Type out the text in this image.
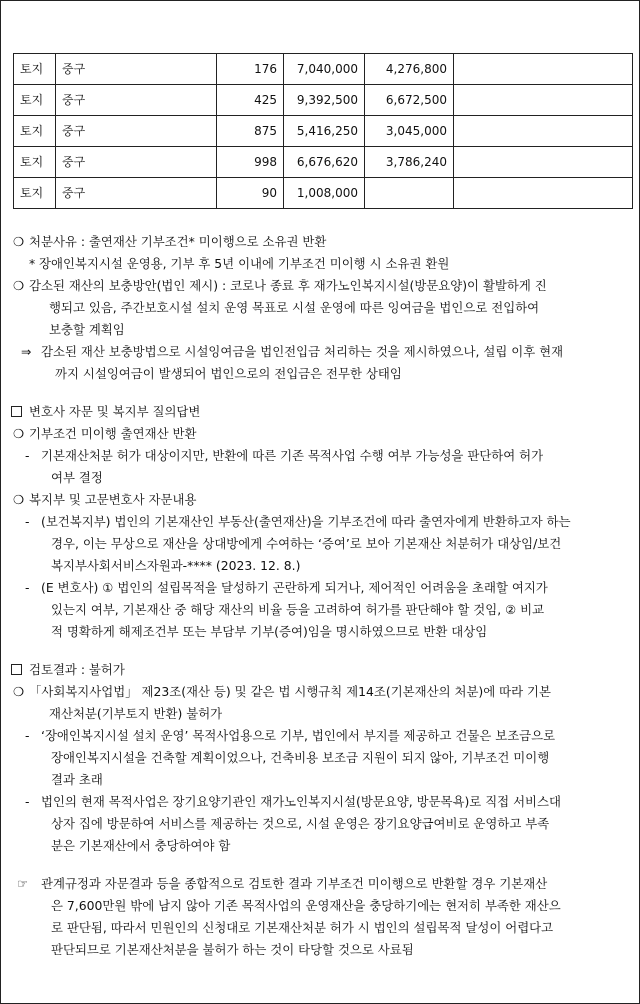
토지	중구	176	7,040,000	4,276,800	
토지	중구	425	9,392,500	6,672,500	
토지	중구	875	5,416,250	3,045,000	
토지	중구	998	6,676,620	3,786,240	
토지	중구	90	1,008,000		
❍ 처분사유 : 출연재산 기부조건* 미이행으로 소유권 반환
* 장애인복지시설 운영용, 기부 후 5년 이내에 기부조건 미이행 시 소유권 환원
❍ 감소된 재산의 보충방안(법인 제시) : 코로나 종료 후 재가노인복지시설(방문요양)이 활발하게 진
행되고 있음, 주간보호시설 설치 운영 목표로 시설 운영에 따른 잉여금을 법인으로 전입하여
보충할 계획임
⇒ 감소된 재산 보충방법으로 시설잉여금을 법인전입금 처리하는 것을 제시하였으나, 설립 이후 현재
까지 시설잉여금이 발생되어 법인으로의 전입금은 전무한 상태임
변호사 자문 및 복지부 질의답변
❍ 기부조건 미이행 출연재산 반환
- 기본재산처분 허가 대상이지만, 반환에 따른 기존 목적사업 수행 여부 가능성을 판단하여 허가
여부 결정
❍ 복지부 및 고문변호사 자문내용
- (보건복지부) 법인의 기본재산인 부동산(출연재산)을 기부조건에 따라 출연자에게 반환하고자 하는
경우, 이는 무상으로 재산을 상대방에게 수여하는 ‘증여’로 보아 기본재산 처분허가 대상임/보건
복지부사회서비스자원과-**** (2023. 12. 8.)
- (E 변호사) ① 법인의 설립목적을 달성하기 곤란하게 되거나, 제어적인 어려움을 초래할 여지가
있는지 여부, 기본재산 중 해당 재산의 비율 등을 고려하여 허가를 판단해야 할 것임, ② 비교
적 명확하게 해제조건부 또는 부담부 기부(증여)임을 명시하였으므로 반환 대상임
검토결과 : 불허가
❍ 「사회복지사업법」 제23조(재산 등) 및 같은 법 시행규칙 제14조(기본재산의 처분)에 따라 기본
재산처분(기부토지 반환) 불허가
- ‘장애인복지시설 설치 운영’ 목적사업용으로 기부, 법인에서 부지를 제공하고 건물은 보조금으로
장애인복지시설을 건축할 계획이었으나, 건축비용 보조금 지원이 되지 않아, 기부조건 미이행
결과 초래
- 법인의 현재 목적사업은 장기요양기관인 재가노인복지시설(방문요양, 방문목욕)로 직접 서비스대
상자 집에 방문하여 서비스를 제공하는 것으로, 시설 운영은 장기요양급여비로 운영하고 부족
분은 기본재산에서 충당하여야 함
☞ 관계규정과 자문결과 등을 종합적으로 검토한 결과 기부조건 미이행으로 반환할 경우 기본재산
은 7,600만원 밖에 남지 않아 기존 목적사업의 운영재산을 충당하기에는 현저히 부족한 재산으
로 판단됨, 따라서 민원인의 신청대로 기본재산처분 허가 시 법인의 설립목적 달성이 어렵다고
판단되므로 기본재산처분을 불허가 하는 것이 타당할 것으로 사료됨
